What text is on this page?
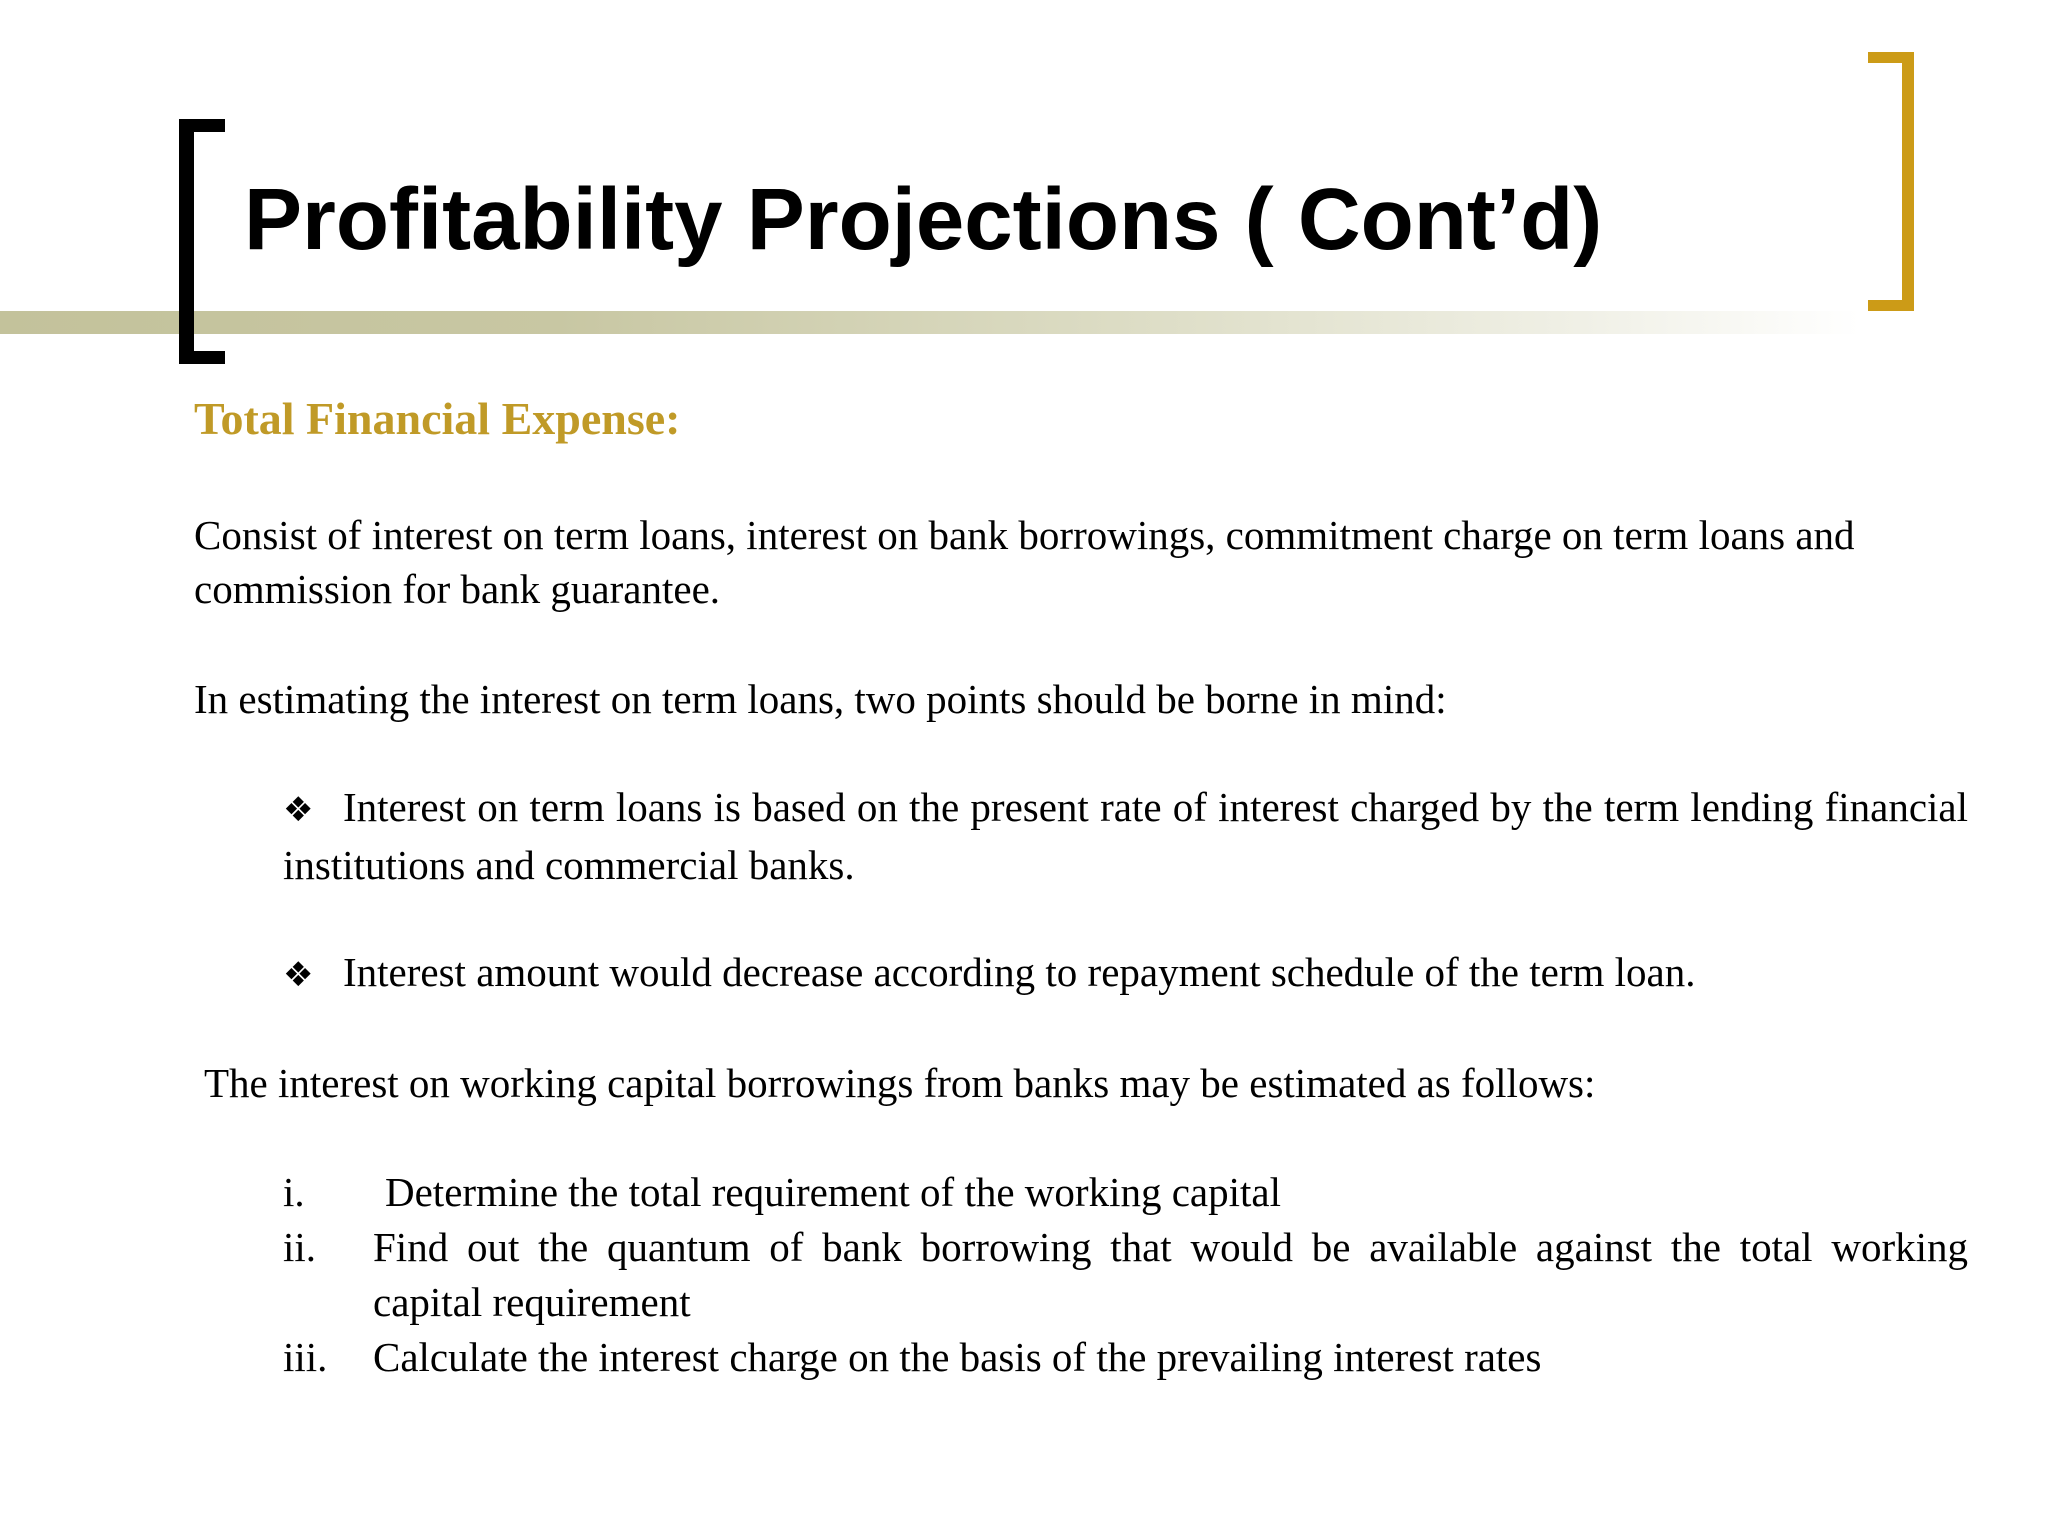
Profitability Projections ( Cont’d)
Total Financial Expense:

Consist of interest on term loans, interest on bank borrowings, commitment charge on term loans and commission for bank guarantee.

In estimating the interest on term loans, two points should be borne in mind:

❖ Interest on term loans is based on the present rate of interest charged by the term lending financial institutions and commercial banks.
❖ Interest amount would decrease according to repayment schedule of the term loan.

The interest on working capital borrowings from banks may be estimated as follows:

i.	Determine the total requirement of the working capital
ii.	Find out the quantum of bank borrowing that would be available against the total working capital requirement
iii.	Calculate the interest charge on the basis of the prevailing interest rates
